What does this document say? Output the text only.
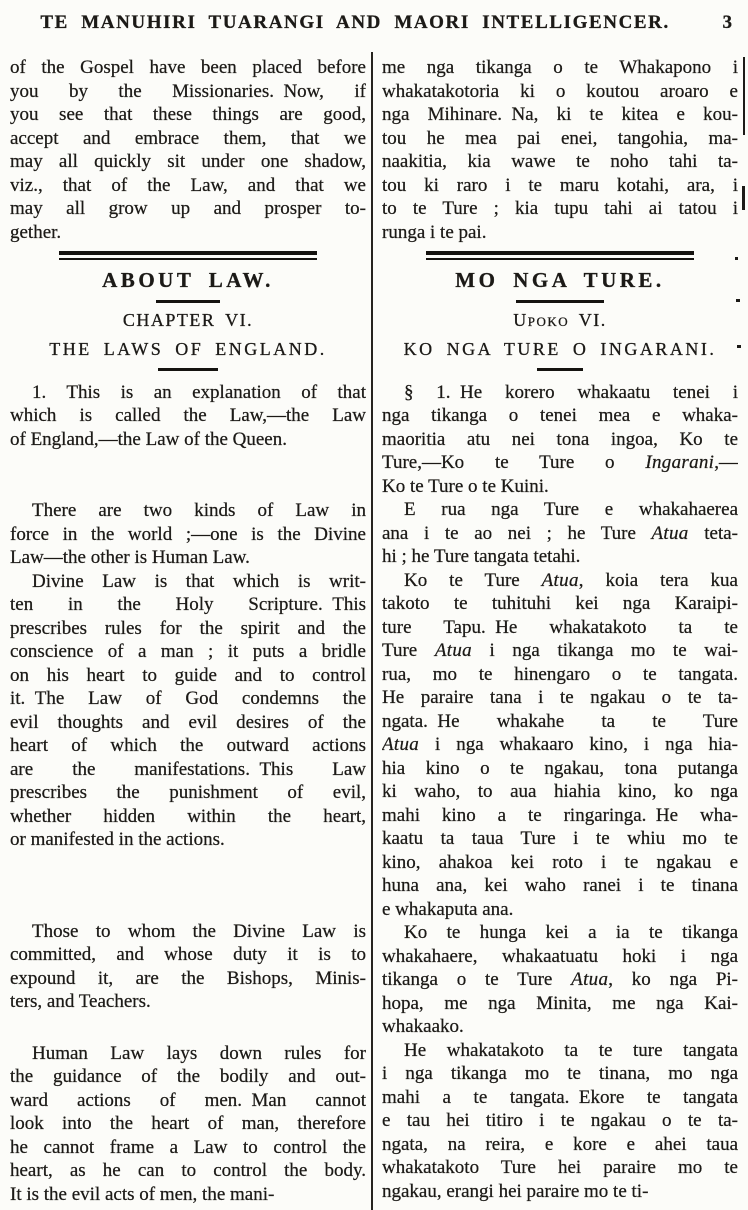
TE MANUHIRI TUARANGI AND MAORI INTELLIGENCER.	3
of the Gospel have been placed before
you by the Missionaries. Now, if
you see that these things are good,
accept and embrace them, that we
may all quickly sit under one shadow,
viz., that of the Law, and that we
may all grow up and prosper to-
gether.
ABOUT LAW.
CHAPTER VI.
THE LAWS OF ENGLAND.
1. This is an explanation of that
which is called the Law,—the Law
of England,—the Law of the Queen.
There are two kinds of Law in
force in the world ;—one is the Divine
Law—the other is Human Law.
Divine Law is that which is writ-
ten in the Holy Scripture. This
prescribes rules for the spirit and the
conscience of a man ; it puts a bridle
on his heart to guide and to control
it. The Law of God condemns the
evil thoughts and evil desires of the
heart of which the outward actions
are the manifestations. This Law
prescribes the punishment of evil,
whether hidden within the heart,
or manifested in the actions.
Those to whom the Divine Law is
committed, and whose duty it is to
expound it, are the Bishops, Minis-
ters, and Teachers.
Human Law lays down rules for
the guidance of the bodily and out-
ward actions of men. Man cannot
look into the heart of man, therefore
he cannot frame a Law to control the
heart, as he can to control the body.
It is the evil acts of men, the mani-
me nga tikanga o te Whakapono i
whakatakotoria ki o koutou aroaro e
nga Mihinare. Na, ki te kitea e kou-
tou he mea pai enei, tangohia, ma-
naakitia, kia wawe te noho tahi ta-
tou ki raro i te maru kotahi, ara, i
to te Ture ; kia tupu tahi ai tatou i
runga i te pai.
MO NGA TURE.
Upoko VI.
KO NGA TURE O INGARANI.
§ 1. He korero whakaatu tenei i
nga tikanga o tenei mea e whaka-
maoritia atu nei tona ingoa, Ko te
Ture,—Ko te Ture o Ingarani,—
Ko te Ture o te Kuini.
E rua nga Ture e whakahaerea
ana i te ao nei ; he Ture Atua teta-
hi ; he Ture tangata tetahi.
Ko te Ture Atua, koia tera kua
takoto te tuhituhi kei nga Karaipi-
ture Tapu. He whakatakoto ta te
Ture Atua i nga tikanga mo te wai-
rua, mo te hinengaro o te tangata.
He paraire tana i te ngakau o te ta-
ngata. He whakahe ta te Ture
Atua i nga whakaaro kino, i nga hia-
hia kino o te ngakau, tona putanga
ki waho, to aua hiahia kino, ko nga
mahi kino a te ringaringa. He wha-
kaatu ta taua Ture i te whiu mo te
kino, ahakoa kei roto i te ngakau e
huna ana, kei waho ranei i te tinana
e whakaputa ana.
Ko te hunga kei a ia te tikanga
whakahaere, whakaatuatu hoki i nga
tikanga o te Ture Atua, ko nga Pi-
hopa, me nga Minita, me nga Kai-
whakaako.
He whakatakoto ta te ture tangata
i nga tikanga mo te tinana, mo nga
mahi a te tangata. Ekore te tangata
e tau hei titiro i te ngakau o te ta-
ngata, na reira, e kore e ahei taua
whakatakoto Ture hei paraire mo te
ngakau, erangi hei paraire mo te ti-
